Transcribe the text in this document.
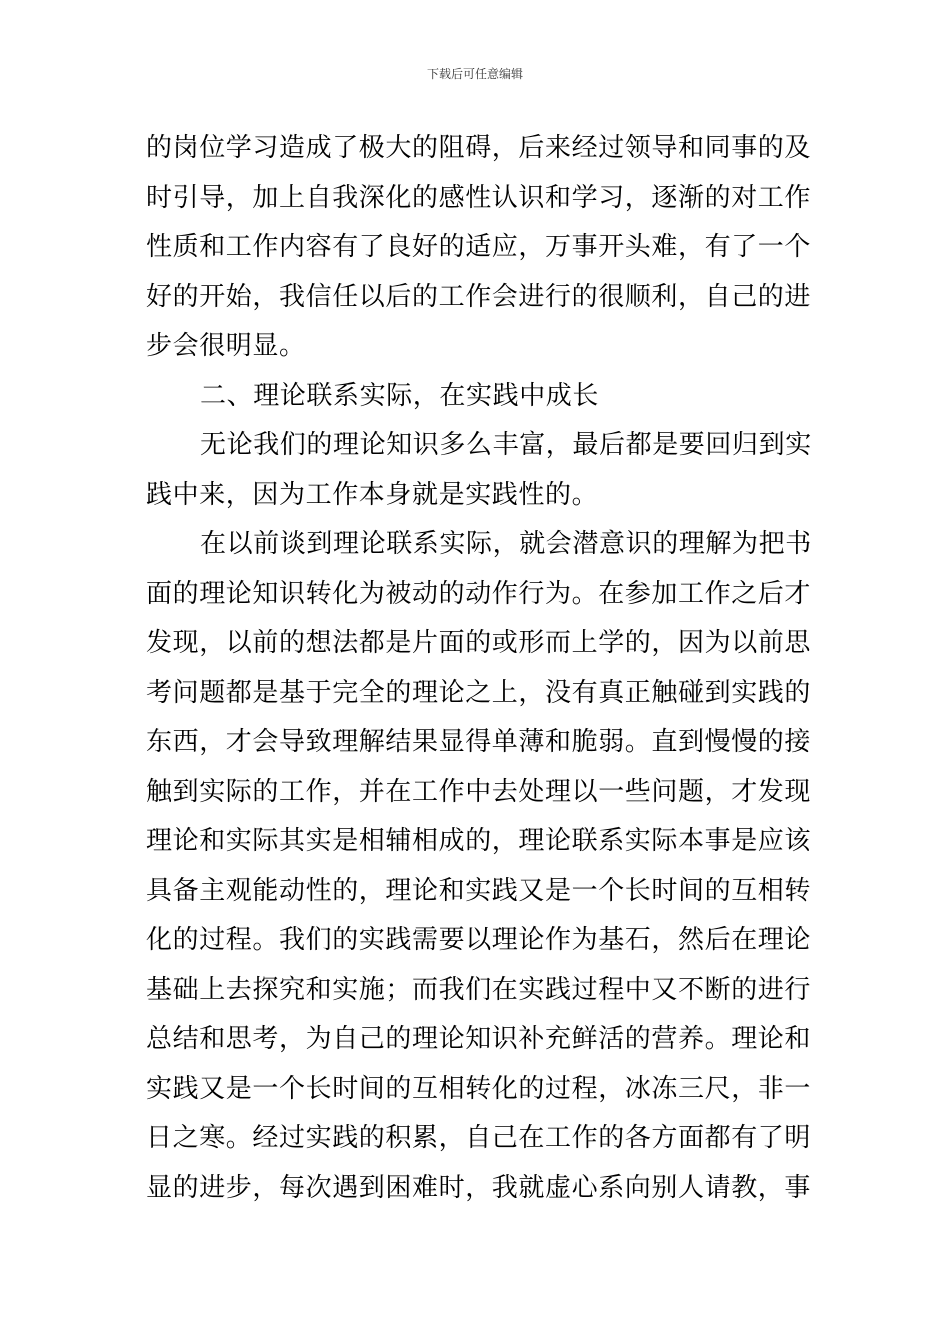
下载后可任意编辑
的岗位学习造成了极大的阻碍，后来经过领导和同事的及
时引导，加上自我深化的感性认识和学习，逐渐的对工作
性质和工作内容有了良好的适应，万事开头难，有了一个
好的开始，我信任以后的工作会进行的很顺利，自己的进
步会很明显。
二、理论联系实际，在实践中成长
无论我们的理论知识多么丰富，最后都是要回归到实
践中来，因为工作本身就是实践性的。
在以前谈到理论联系实际，就会潜意识的理解为把书
面的理论知识转化为被动的动作行为。在参加工作之后才
发现，以前的想法都是片面的或形而上学的，因为以前思
考问题都是基于完全的理论之上，没有真正触碰到实践的
东西，才会导致理解结果显得单薄和脆弱。直到慢慢的接
触到实际的工作，并在工作中去处理以一些问题，才发现
理论和实际其实是相辅相成的，理论联系实际本事是应该
具备主观能动性的，理论和实践又是一个长时间的互相转
化的过程。我们的实践需要以理论作为基石，然后在理论
基础上去探究和实施；而我们在实践过程中又不断的进行
总结和思考，为自己的理论知识补充鲜活的营养。理论和
实践又是一个长时间的互相转化的过程，冰冻三尺，非一
日之寒。经过实践的积累，自己在工作的各方面都有了明
显的进步，每次遇到困难时，我就虚心系向别人请教，事
